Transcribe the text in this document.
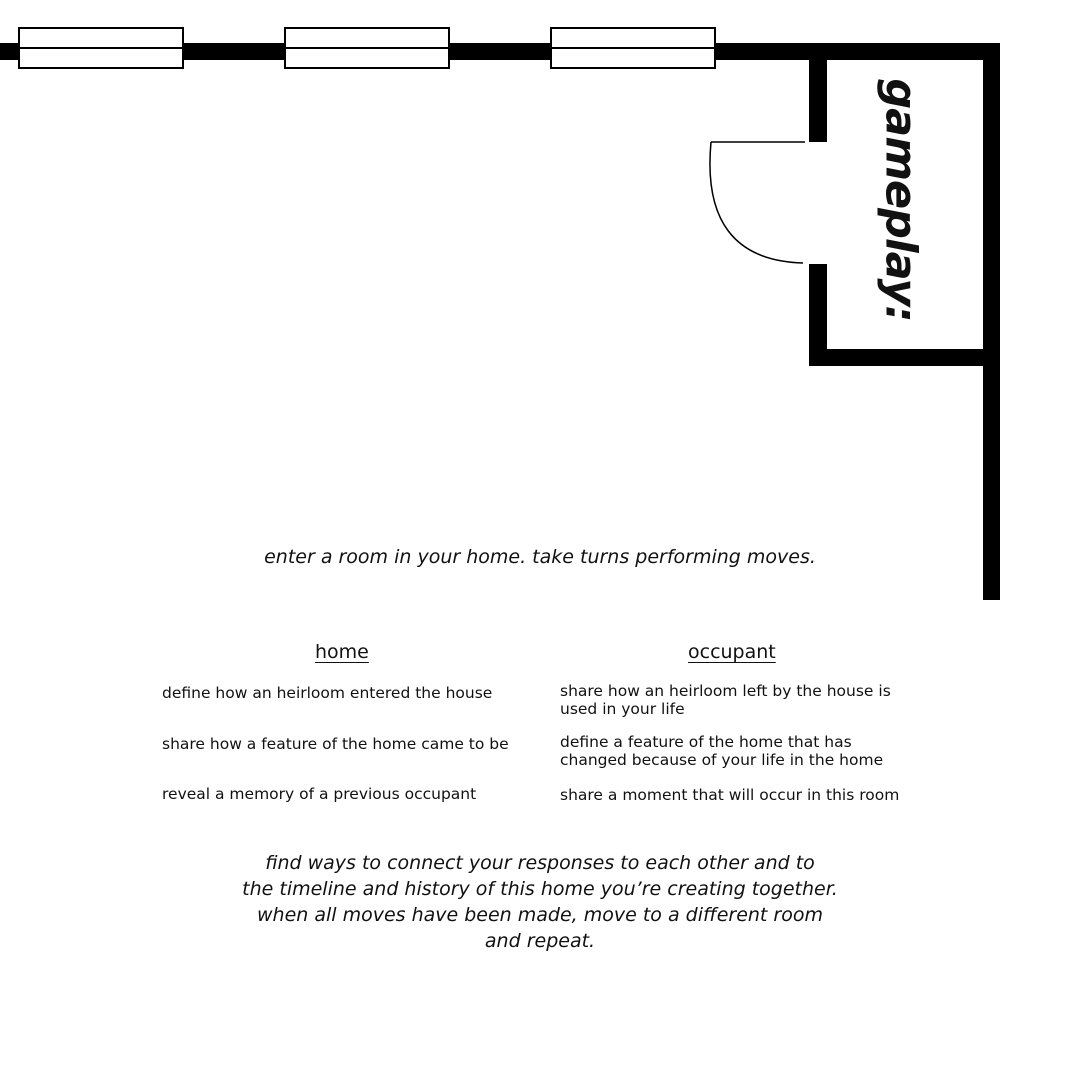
gameplay:

enter a room in your home. take turns performing moves.

home	occupant

define how an heirloom entered the house

share how a feature of the home came to be

reveal a memory of a previous occupant

share how an heirloom left by the house is used in your life

define a feature of the home that has changed because of your life in the home

share a moment that will occur in this room

find ways to connect your responses to each other and to
the timeline and history of this home you’re creating together.
when all moves have been made, move to a different room
and repeat.
